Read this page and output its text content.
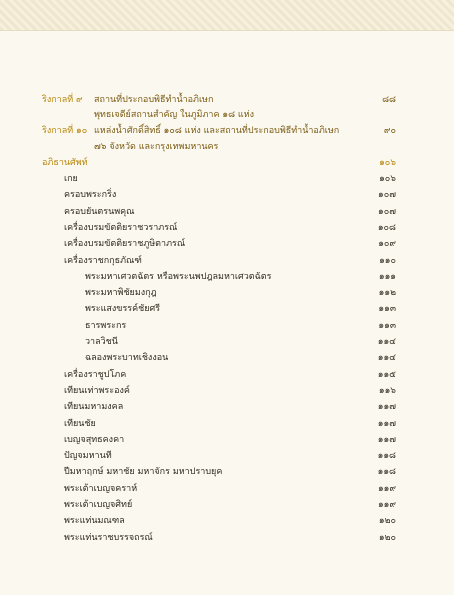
ริงกาลที่ ๙ สถานที่ประกอบพิธีทำน้ำอภิเษก	๘๘
พุทธเจดีย์สถานสำคัญ ในภูมิภาค ๑๘ แห่ง
ริงกาลที่ ๑๐ แหล่งน้ำศักดิ์สิทธิ์ ๑๐๘ แห่ง และสถานที่ประกอบพิธีทำน้ำอภิเษก	๙๐
๗๖ จังหวัด และกรุงเทพมหานคร
อภิธานศัพท์	๑๐๖
เกย	๑๐๖
ครอบพระกริ่ง	๑๐๗
ครอบยันตรนพคุณ	๑๐๗
เครื่องบรมขัตติยราชวราภรณ์	๑๐๘
เครื่องบรมขัตติยราชภูษิตาภรณ์	๑๐๙
เครื่องราชกกุธภัณฑ์	๑๑๐
พระมหาเศวตฉัตร หรือพระนพปฎลมหาเศวตฉัตร	๑๑๑
พระมหาพิชัยมงกุฎ	๑๑๒
พระแสงขรรค์ชัยศรี	๑๑๓
ธารพระกร	๑๑๓
วาลวิชนี	๑๑๔
ฉลองพระบาทเชิงงอน	๑๑๔
เครื่องราชูปโภค	๑๑๕
เทียนเท่าพระองค์	๑๑๖
เทียนมหามงคล	๑๑๗
เทียนชัย	๑๑๗
เบญจสุทธคงคา	๑๑๗
ปัญจมหานที	๑๑๘
ปีมหาฤกษ์ มหาชัย มหาจักร มหาปราบยุค	๑๑๘
พระเต้าเบญจคราห์	๑๑๙
พระเต้าเบญจศิทย์	๑๑๙
พระแท่นมณฑล	๑๒๐
พระแท่นราชบรรจถรณ์	๑๒๐
